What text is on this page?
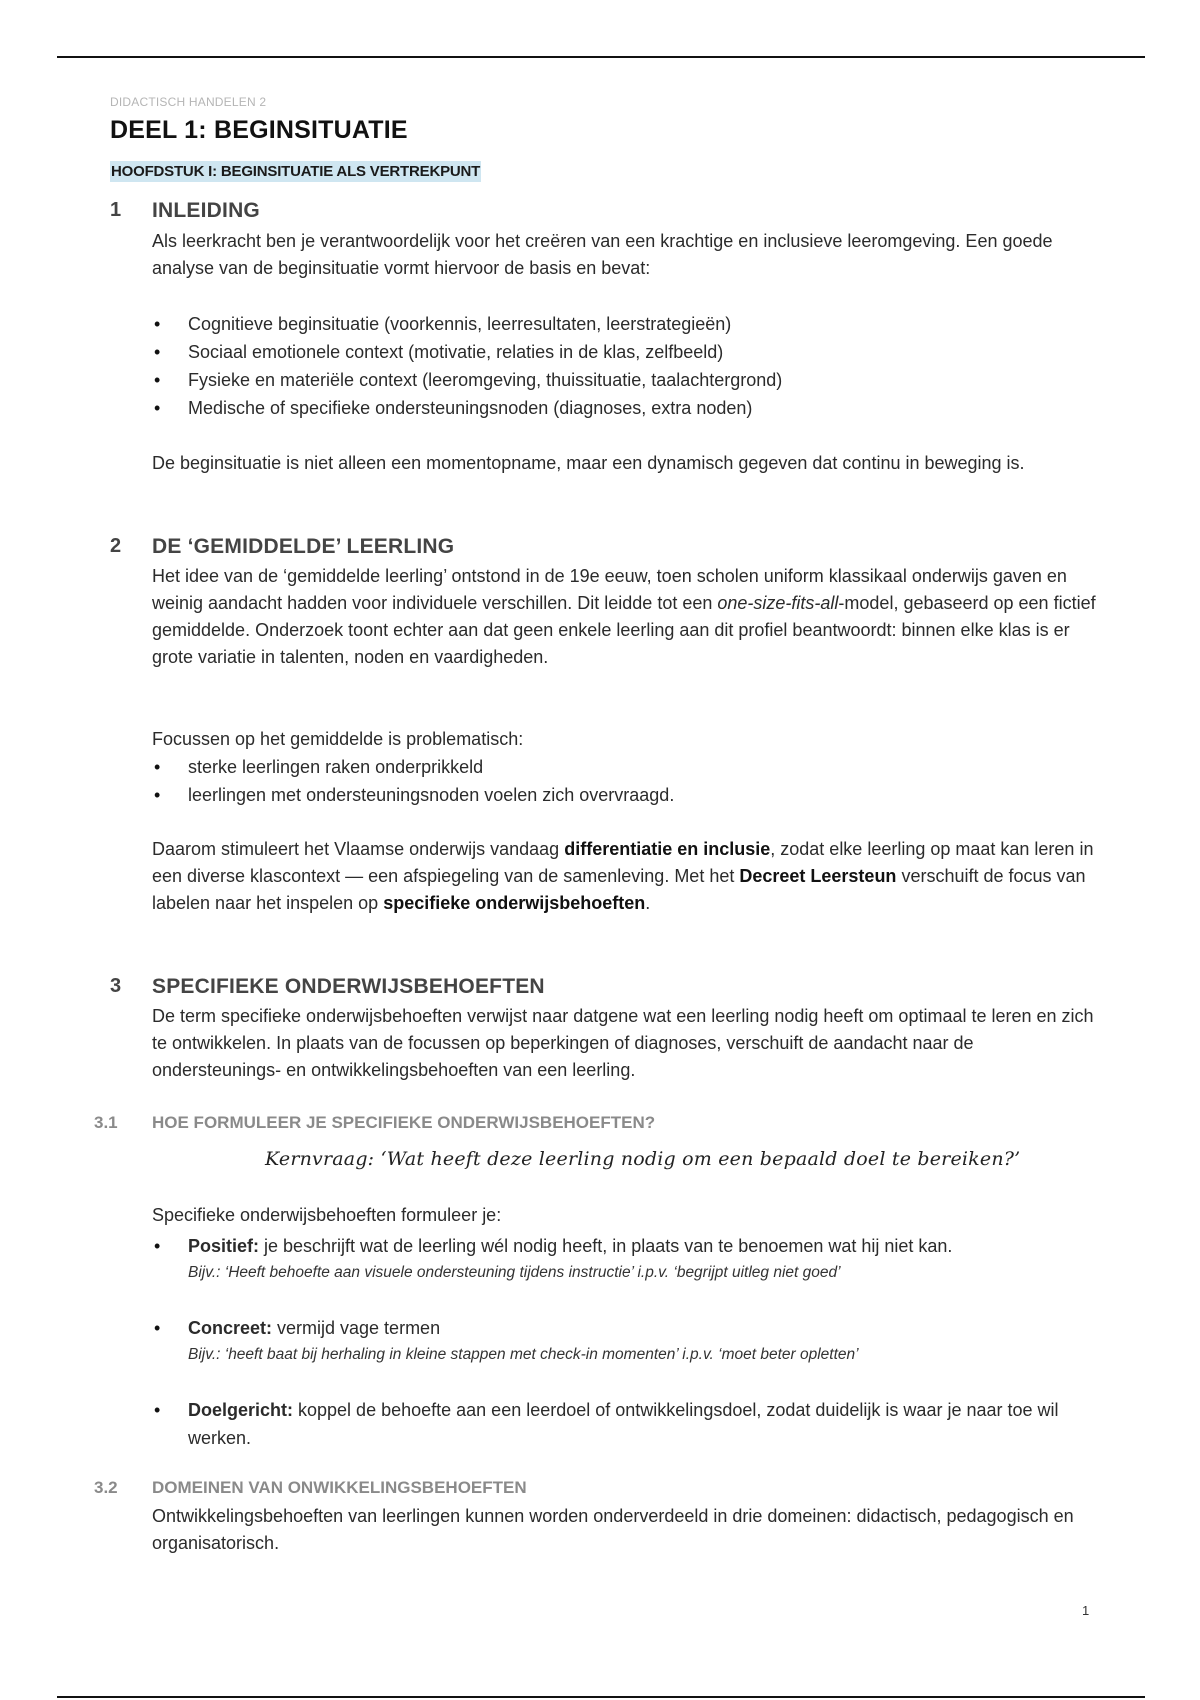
DIDACTISCH HANDELEN 2
DEEL 1: BEGINSITUATIE
HOOFDSTUK I: BEGINSITUATIE ALS VERTREKPUNT
1 INLEIDING
Als leerkracht ben je verantwoordelijk voor het creëren van een krachtige en inclusieve leeromgeving. Een goede analyse van de beginsituatie vormt hiervoor de basis en bevat:
• Cognitieve beginsituatie (voorkennis, leerresultaten, leerstrategieën)
• Sociaal emotionele context (motivatie, relaties in de klas, zelfbeeld)
• Fysieke en materiële context (leeromgeving, thuissituatie, taalachtergrond)
• Medische of specifieke ondersteuningsnoden (diagnoses, extra noden)
De beginsituatie is niet alleen een momentopname, maar een dynamisch gegeven dat continu in beweging is.
2 DE ‘GEMIDDELDE’ LEERLING
Het idee van de ‘gemiddelde leerling’ ontstond in de 19e eeuw, toen scholen uniform klassikaal onderwijs gaven en weinig aandacht hadden voor individuele verschillen. Dit leidde tot een one-size-fits-all-model, gebaseerd op een fictief gemiddelde. Onderzoek toont echter aan dat geen enkele leerling aan dit profiel beantwoordt: binnen elke klas is er grote variatie in talenten, noden en vaardigheden.
Focussen op het gemiddelde is problematisch:
• sterke leerlingen raken onderprikkeld
• leerlingen met ondersteuningsnoden voelen zich overvraagd.
Daarom stimuleert het Vlaamse onderwijs vandaag differentiatie en inclusie, zodat elke leerling op maat kan leren in een diverse klascontext — een afspiegeling van de samenleving. Met het Decreet Leersteun verschuift de focus van labelen naar het inspelen op specifieke onderwijsbehoeften.
3 SPECIFIEKE ONDERWIJSBEHOEFTEN
De term specifieke onderwijsbehoeften verwijst naar datgene wat een leerling nodig heeft om optimaal te leren en zich te ontwikkelen. In plaats van de focussen op beperkingen of diagnoses, verschuift de aandacht naar de ondersteunings- en ontwikkelingsbehoeften van een leerling.
3.1 HOE FORMULEER JE SPECIFIEKE ONDERWIJSBEHOEFTEN?
Kernvraag: ‘Wat heeft deze leerling nodig om een bepaald doel te bereiken?’
Specifieke onderwijsbehoeften formuleer je:
• Positief: je beschrijft wat de leerling wél nodig heeft, in plaats van te benoemen wat hij niet kan.
Bijv.: ‘Heeft behoefte aan visuele ondersteuning tijdens instructie’ i.p.v. ‘begrijpt uitleg niet goed’
• Concreet: vermijd vage termen
Bijv.: ‘heeft baat bij herhaling in kleine stappen met check-in momenten’ i.p.v. ‘moet beter opletten’
• Doelgericht: koppel de behoefte aan een leerdoel of ontwikkelingsdoel, zodat duidelijk is waar je naar toe wil werken.
3.2 DOMEINEN VAN ONWIKKELINGSBEHOEFTEN
Ontwikkelingsbehoeften van leerlingen kunnen worden onderverdeeld in drie domeinen: didactisch, pedagogisch en organisatorisch.
1
